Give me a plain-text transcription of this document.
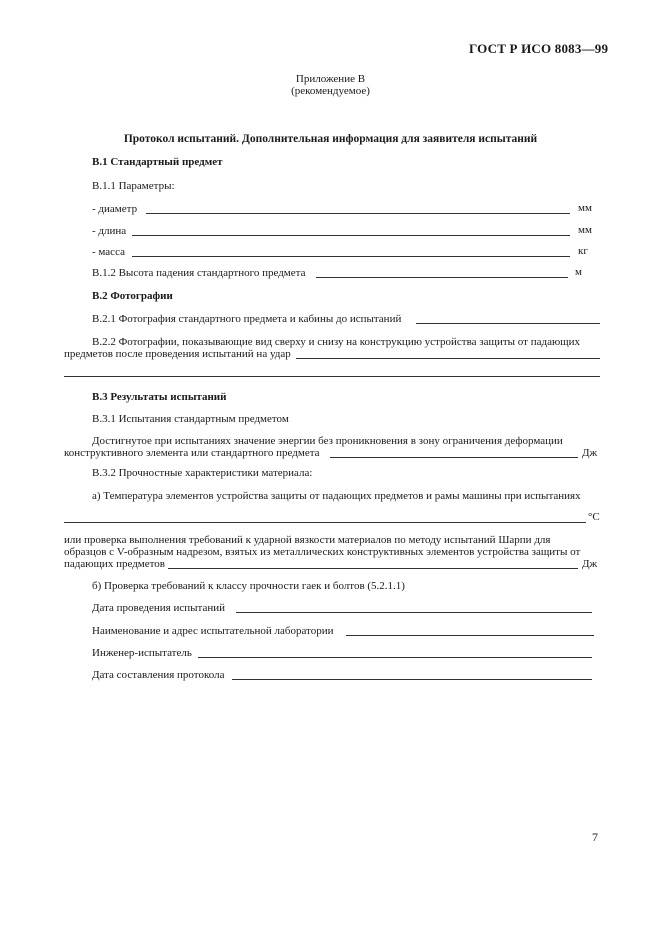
ГОСТ Р ИСО 8083—99
Приложение В
(рекомендуемое)
Протокол испытаний. Дополнительная информация для заявителя испытаний
В.1 Стандартный предмет
В.1.1 Параметры:
- диаметр	мм
- длина	мм
- масса	кг
В.1.2 Высота падения стандартного предмета	м
В.2 Фотографии
В.2.1 Фотография стандартного предмета и кабины до испытаний
В.2.2 Фотографии, показывающие вид сверху и снизу на конструкцию устройства защиты от падающих
предметов после проведения испытаний на удар
В.3 Результаты испытаний
В.3.1 Испытания стандартным предметом
Достигнутое при испытаниях значение энергии без проникновения в зону ограничения деформации
конструктивного элемента или стандартного предмета	Дж
В.3.2 Прочностные характеристики материала:
а) Температура элементов устройства защиты от падающих предметов и рамы машины при испытаниях
°С
или проверка выполнения требований к ударной вязкости материалов по методу испытаний Шарпи для
образцов с V-образным надрезом, взятых из металлических конструктивных элементов устройства защиты от
падающих предметов	Дж
б) Проверка требований к классу прочности гаек и болтов (5.2.1.1)
Дата проведения испытаний
Наименование и адрес испытательной лаборатории
Инженер-испытатель
Дата составления протокола
7
